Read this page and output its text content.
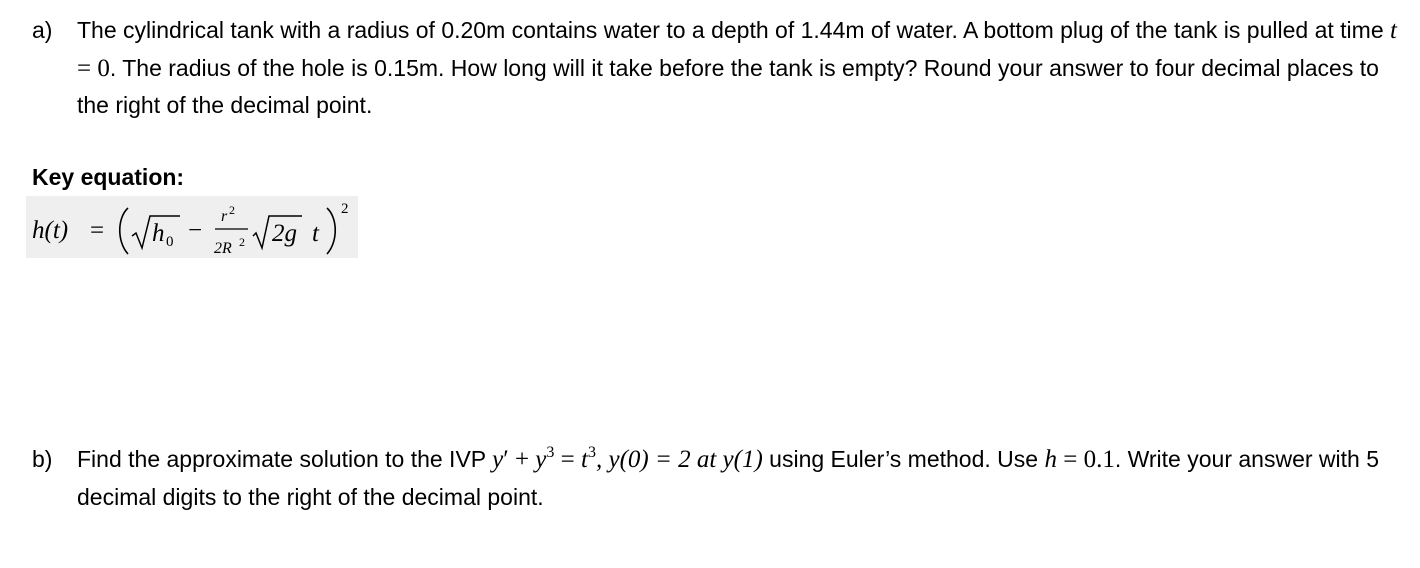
a) The cylindrical tank with a radius of 0.20m contains water to a depth of 1.44m of water. A bottom plug of the tank is pulled at time t = 0. The radius of the hole is 0.15m. How long will it take before the tank is empty? Round your answer to four decimal places to the right of the decimal point.
Key equation:
h(t) = h 0 −
r 2
2R 2 2g t
2
b) Find the approximate solution to the IVP $y' + y^3 = t^3$, y(0) = 2 at y(1) using Euler’s method. Use h = 0.1. Write your answer with 5 decimal digits to the right of the decimal point.
